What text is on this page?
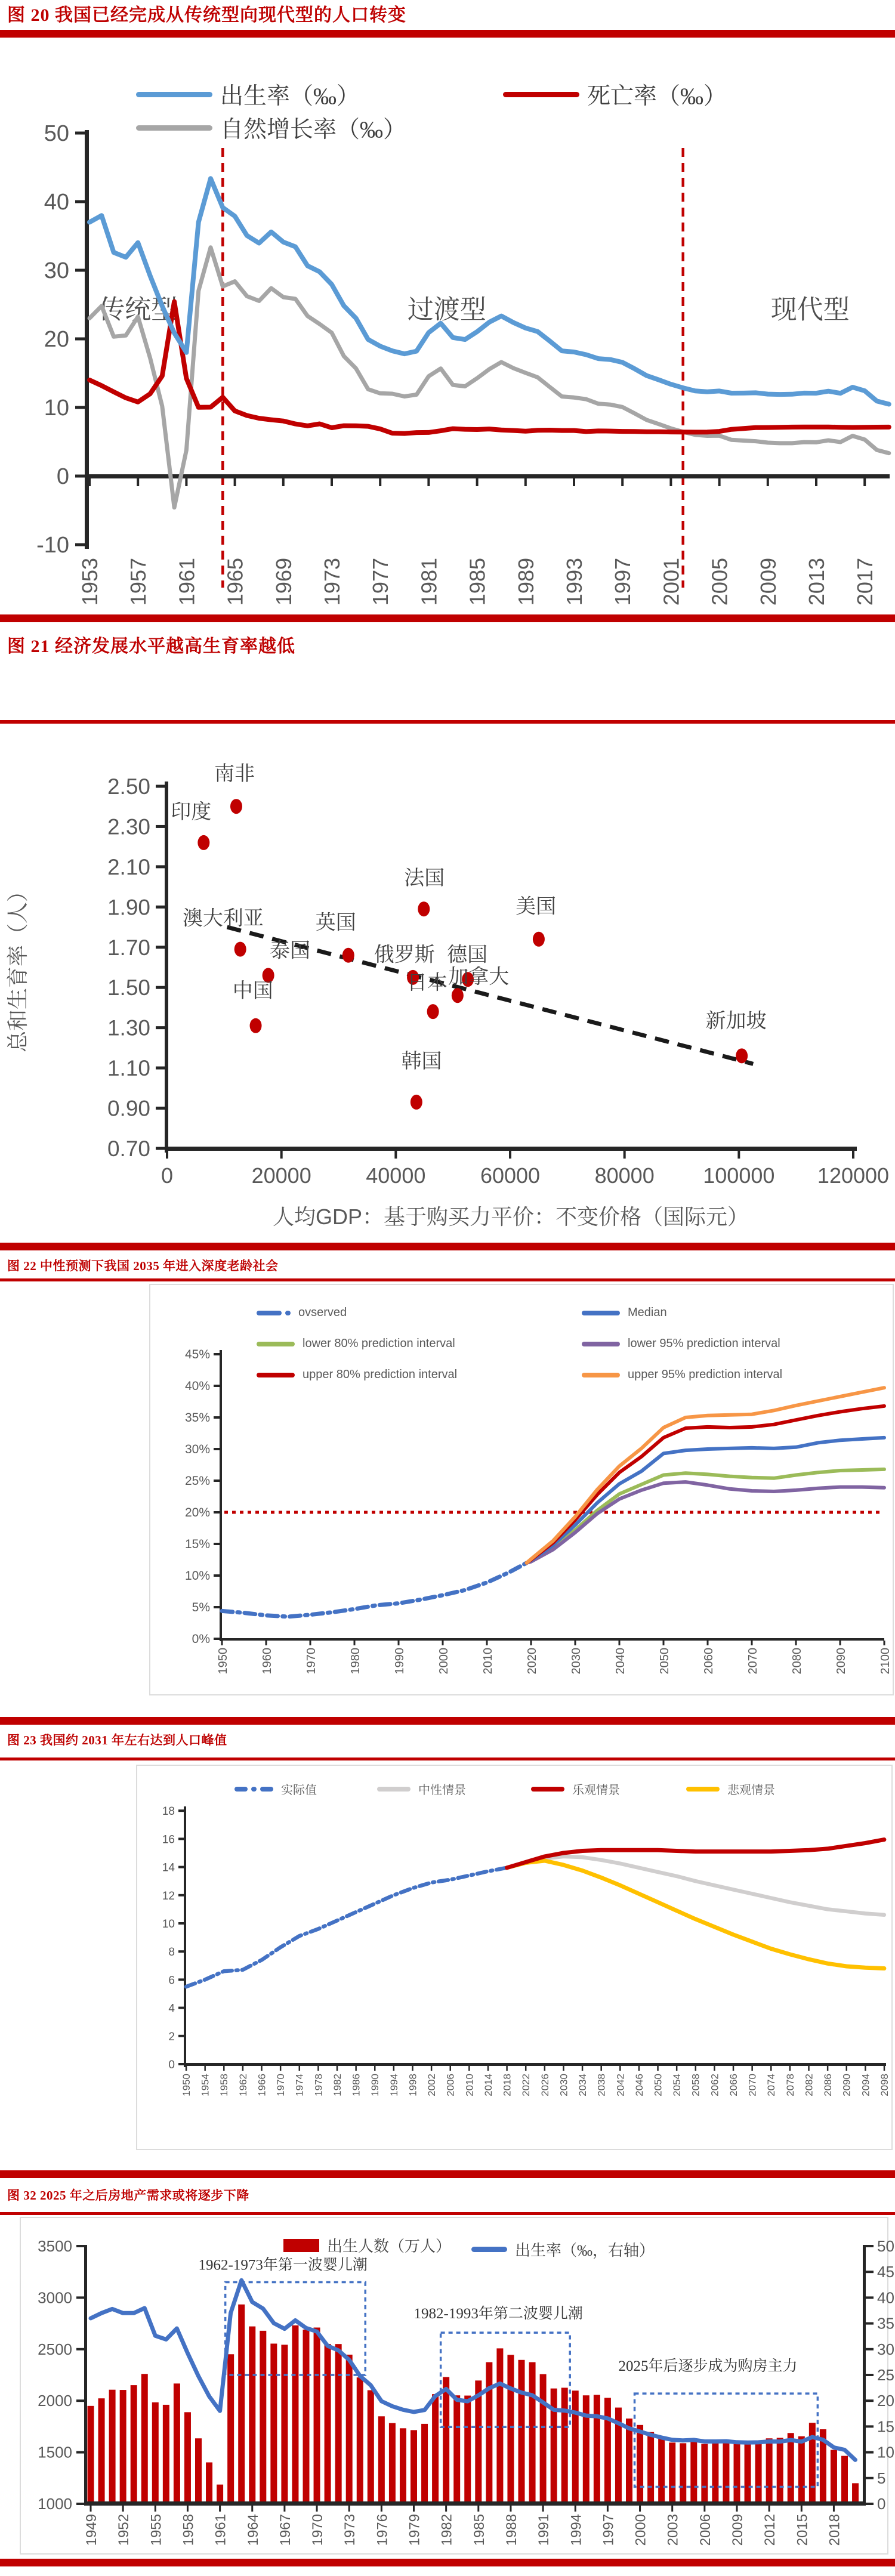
图 20 我国已经完成从传统型向现代型的人口转变
出生率（‰）	死亡率（‰）
自然增长率（‰）
图 21 经济发展水平越高生育率越低
图 22 中性预测下我国 2035 年进入深度老龄社会
ovserved	Median
lower 80% prediction interval	lower 95% prediction interval
upper 80% prediction interval	upper 95% prediction interval
图 23 我国约 2031 年左右达到人口峰值
实际值	中性情景	乐观情景	悲观情景
图 32 2025 年之后房地产需求或将逐步下降
出生人数（万人）	出生率（‰，右轴）
传统型	过渡型	现代型
-10
0
10
20
30
40
50
1953 1957 1961 1965 1969 1973 1977 1981 1985 1989 1993 1997 2001 2005 2009 2013 2017
0.70
0.90
1.10
1.30
1.50
1.70
1.90
2.10
2.30
2.50
0	20000	40000	60000	80000 100000 120000
印度
南非
澳大利亚
泰国
中国
英国
法国
俄罗斯
日本
德国
加拿大
美国
韩国
新加坡
总和生育率（人）
人均GDP：基于购买力平价：不变价格（国际元）
0%
5%
10%
15%
20%
25%
30%
35%
40%
45%
1950	1960	1970	1980	1990	2000	2010	2020	2030	2040	2050	2060	2070	2080	2090	2100
0
2
4
6
8
10
12
14
16
18
1950 1954 1958 1962 1966 1970 1974 1978 1982 1986 1990 1994 1998 2002 2006 2010 2014 2018 2022 2026 2030 2034 2038 2042 2046 2050 2054 2058 2062 2066 2070 2074 2078 2082 2086 2090 2094 2098
1962-1973年第一波婴儿潮
1982-1993年第二波婴儿潮
2025年后逐步成为购房主力
1000
1500
2000
2500
3000
3500
0
5
10
15
20
25
30
35
40
45
50
1949 1952 1955 1958 1961 1964 1967 1970 1973 1976 1979 1982 1985 1988 1991 1994 1997 2000 2003 2006 2009 2012 2015 2018
